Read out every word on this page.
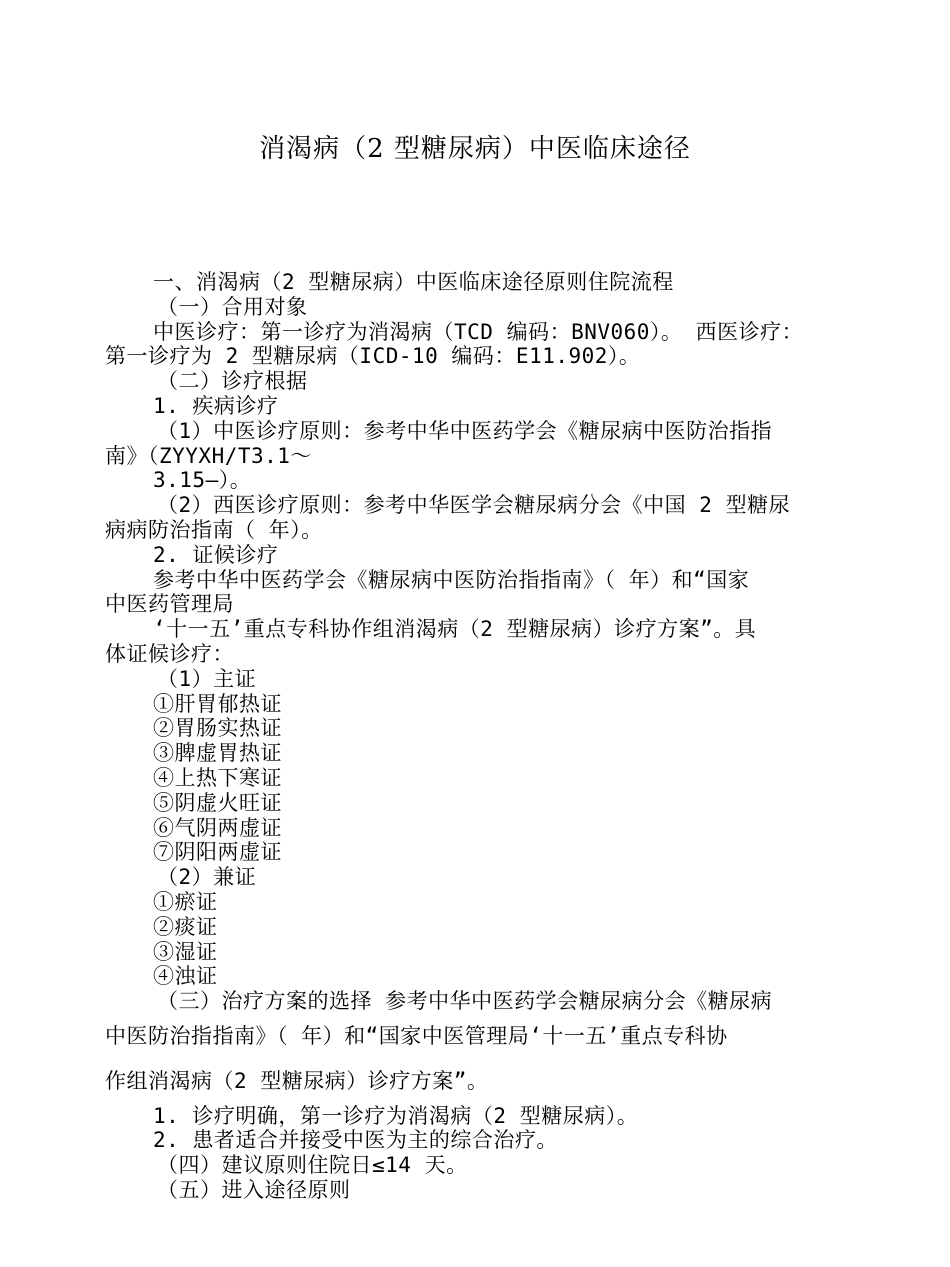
消渴病（2 型糖尿病）中医临床途径
一、消渴病（2 型糖尿病）中医临床途径原则住院流程
（一）合用对象
中医诊疗：第一诊疗为消渴病（TCD 编码：BNV060）。 西医诊疗：
第一诊疗为 2 型糖尿病（ICD-10 编码：E11.902）。
（二）诊疗根据
1. 疾病诊疗
（1）中医诊疗原则：参考中华中医药学会《糖尿病中医防治指指
南》（ZYYXH/T3.1～
3.15—）。
（2）西医诊疗原则：参考中华医学会糖尿病分会《中国 2 型糖尿
病病防治指南（ 年）。
2. 证候诊疗
参考中华中医药学会《糖尿病中医防治指指南》（ 年）和“国家
中医药管理局
‘十一五’重点专科协作组消渴病（2 型糖尿病）诊疗方案”。具
体证候诊疗：
（1）主证
①肝胃郁热证
②胃肠实热证
③脾虚胃热证
④上热下寒证
⑤阴虚火旺证
⑥气阴两虚证
⑦阴阳两虚证
（2）兼证
①瘀证
②痰证
③湿证
④浊证
（三）治疗方案的选择 参考中华中医药学会糖尿病分会《糖尿病
中医防治指指南》（ 年）和“国家中医管理局‘十一五’重点专科协
作组消渴病（2 型糖尿病）诊疗方案”。
1. 诊疗明确，第一诊疗为消渴病（2 型糖尿病）。
2. 患者适合并接受中医为主的综合治疗。
（四）建议原则住院日≤14 天。
（五）进入途径原则
